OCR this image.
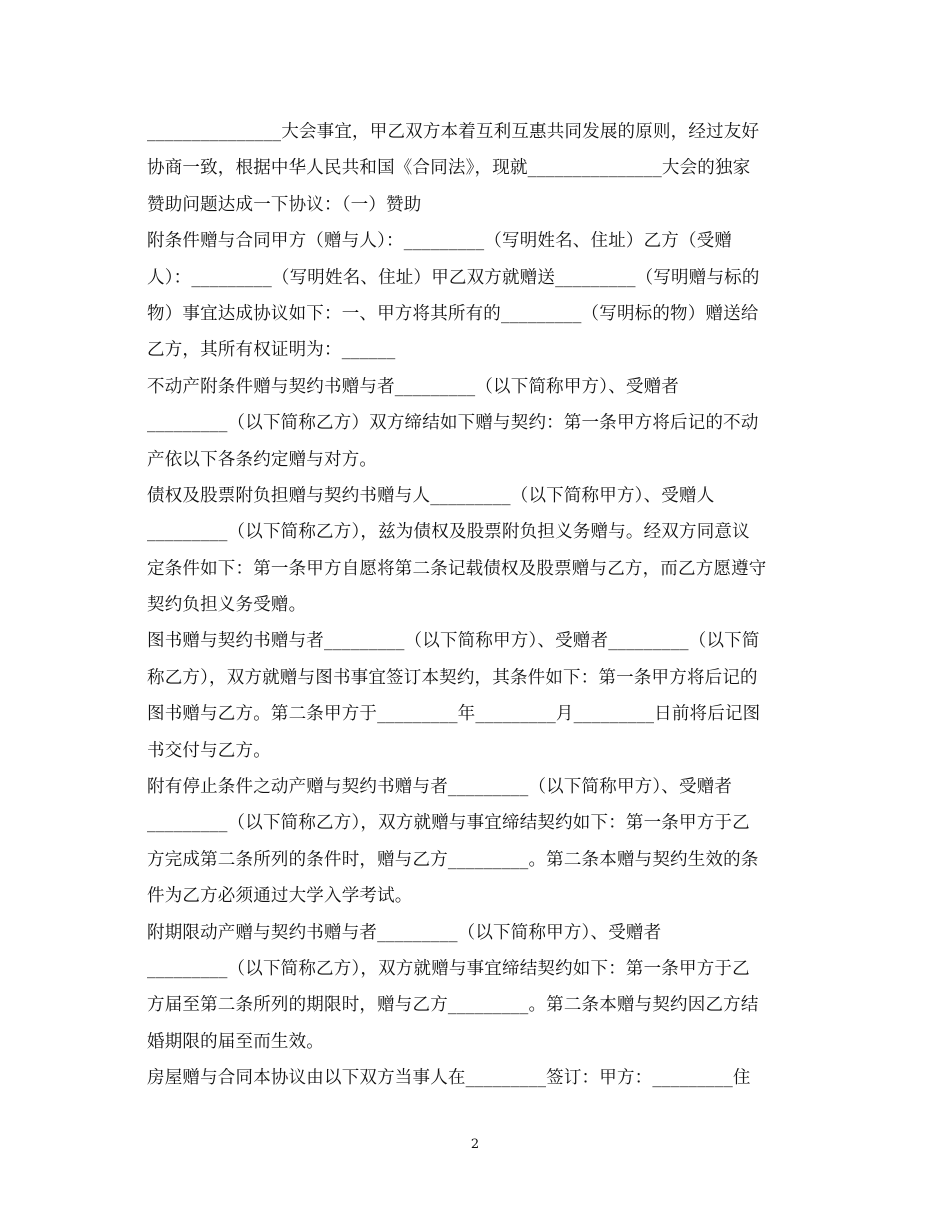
_______________大会事宜，甲乙双方本着互利互惠共同发展的原则，经过友好
协商一致，根据中华人民共和国《合同法》，现就_______________大会的独家
赞助问题达成一下协议：（一）赞助
附条件赠与合同甲方（赠与人）：_________（写明姓名、住址）乙方（受赠
人）：_________（写明姓名、住址）甲乙双方就赠送_________（写明赠与标的
物）事宜达成协议如下：一、甲方将其所有的_________（写明标的物）赠送给
乙方，其所有权证明为：______
不动产附条件赠与契约书赠与者_________（以下简称甲方）、受赠者
_________（以下简称乙方）双方缔结如下赠与契约：第一条甲方将后记的不动
产依以下各条约定赠与对方。
债权及股票附负担赠与契约书赠与人_________（以下简称甲方）、受赠人
_________（以下简称乙方），兹为债权及股票附负担义务赠与。经双方同意议
定条件如下：第一条甲方自愿将第二条记载债权及股票赠与乙方，而乙方愿遵守
契约负担义务受赠。
图书赠与契约书赠与者_________（以下简称甲方）、受赠者_________（以下简
称乙方），双方就赠与图书事宜签订本契约，其条件如下：第一条甲方将后记的
图书赠与乙方。第二条甲方于_________年_________月_________日前将后记图
书交付与乙方。
附有停止条件之动产赠与契约书赠与者_________（以下简称甲方）、受赠者
_________（以下简称乙方），双方就赠与事宜缔结契约如下：第一条甲方于乙
方完成第二条所列的条件时，赠与乙方_________。第二条本赠与契约生效的条
件为乙方必须通过大学入学考试。
附期限动产赠与契约书赠与者_________（以下简称甲方）、受赠者
_________（以下简称乙方），双方就赠与事宜缔结契约如下：第一条甲方于乙
方届至第二条所列的期限时，赠与乙方_________。第二条本赠与契约因乙方结
婚期限的届至而生效。
房屋赠与合同本协议由以下双方当事人在_________签订：甲方：_________住
2
